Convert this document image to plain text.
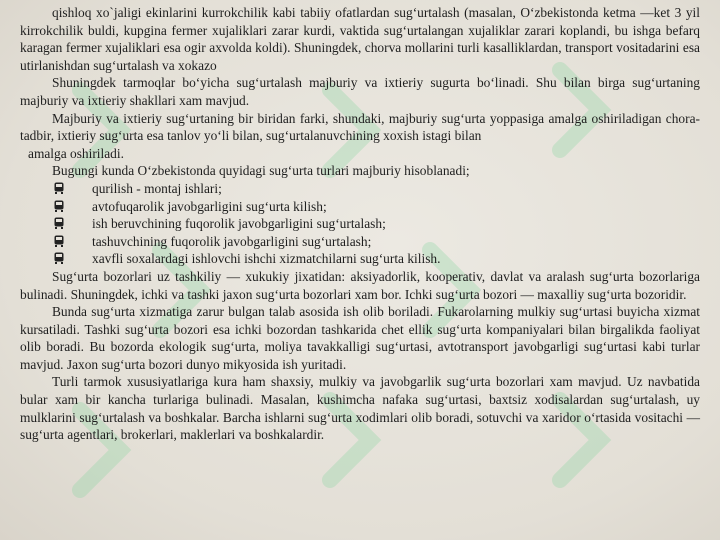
qishloq xo`jaligi ekinlarini kurrokchilik kabi tabiiy ofatlardan sug‘urtalash (masalan, O‘zbekistonda ketma —ket 3 yil kirrokchilik buldi, kupgina fermer xujaliklari zarar kurdi, vaktida sug‘urtalangan xujaliklar zarari koplandi, bu ishga befarq karagan fermer xujaliklari esa ogir axvolda koldi). Shuningdek, chorva mollarini turli kasalliklardan, transport vositadarini esa utirlanishdan sug‘urtalash va xokazo

Shuningdek tarmoqlar bo‘yicha sug‘urtalash majburiy va ixtieriy sugurta bo‘linadi. Shu bilan birga sug‘urtaning majburiy va ixtieriy shakllari xam mavjud.

Majburiy va ixtieriy sug‘urtaning bir biridan farki, shundaki, majburiy sug‘urta yoppasiga amalga oshiriladigan chora-tadbir, ixtieriy sug‘urta esa tanlov yo‘li bilan, sug‘urtalanuvchining xoxish istagi bilan

amalga oshiriladi.

Bugungi kunda O‘zbekistonda quyidagi sug‘urta turlari majburiy hisoblanadi;

qurilish - montaj ishlari;
avtofuqarolik javobgarligini sug‘urta kilish;
ish beruvchining fuqorolik javobgarligini sug‘urtalash;
tashuvchining fuqorolik javobgarligini sug‘urtalash;
xavfli soxalardagi ishlovchi ishchi xizmatchilarni sug‘urta kilish.

Sug‘urta bozorlari uz tashkiliy — xukukiy jixatidan: aksiyadorlik, kooperativ, davlat va aralash sug‘urta bozorlariga bulinadi. Shuningdek, ichki va tashki jaxon sug‘urta bozorlari xam bor. Ichki sug‘urta bozori — maxalliy sug‘urta bozoridir.

Bunda sug‘urta xizmatiga zarur bulgan talab asosida ish olib boriladi. Fukarolarning mulkiy sug‘urtasi buyicha xizmat kursatiladi. Tashki sug‘urta bozori esa ichki bozordan tashkarida chet ellik sug‘urta kompaniyalari bilan birgalikda faoliyat olib boradi. Bu bozorda ekologik sug‘urta, moliya tavakkalligi sug‘urtasi, avtotransport javobgarligi sug‘urtasi kabi turlar mavjud. Jaxon sug‘urta bozori dunyo mikyosida ish yuritadi.

Turli tarmok xususiyatlariga kura ham shaxsiy, mulkiy va javobgarlik sug‘urta bozorlari xam mavjud. Uz navbatida bular xam bir kancha turlariga bulinadi. Masalan, kushimcha nafaka sug‘urtasi, baxtsiz xodisalardan sug‘urtalash, uy mulklarini sug‘urtalash va boshkalar. Barcha ishlarni sug‘urta xodimlari olib boradi, sotuvchi va xaridor o‘rtasida vositachi — sug‘urta agentlari, brokerlari, maklerlari va boshkalardir.
